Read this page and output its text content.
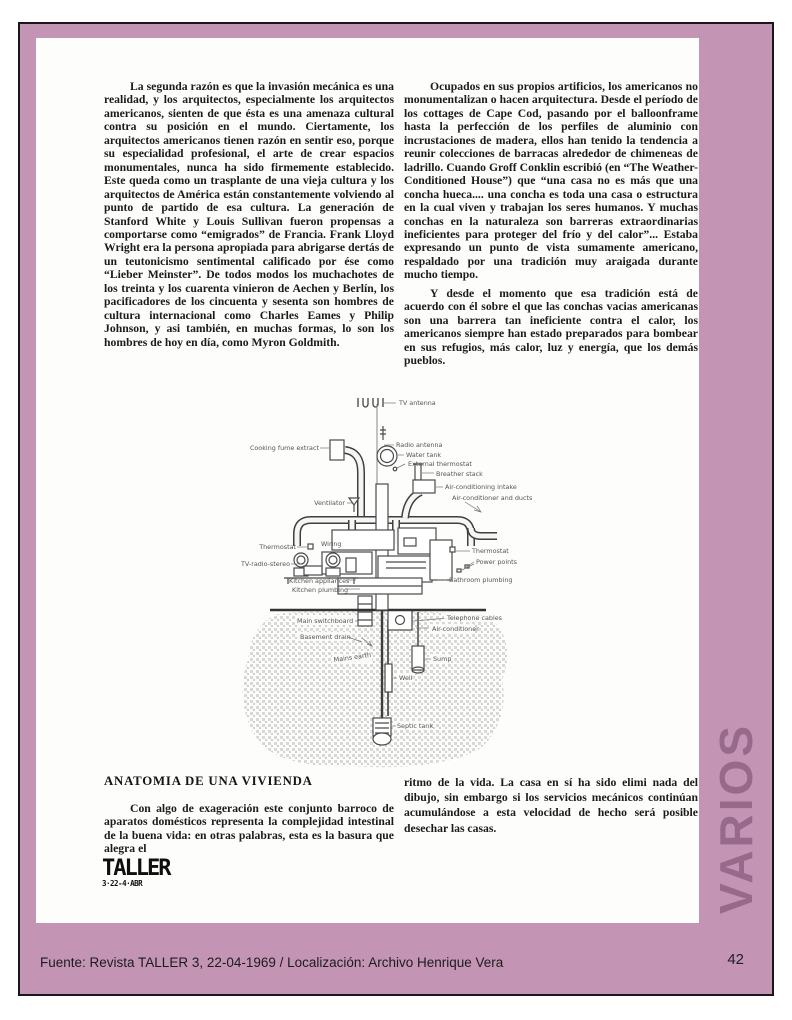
La segunda razón es que la invasión mecánica es una realidad, y los arquitectos, especialmente los arquitectos americanos, sienten de que ésta es una amenaza cultural contra su posición en el mundo. Ciertamente, los arquitectos americanos tienen razón en sentir eso, porque su especialidad profesional, el arte de crear espacios monumentales, nunca ha sido firmemente establecido. Este queda como un trasplante de una vieja cultura y los arquitectos de América están constantemente volviendo al punto de partido de esa cultura. La generación de Stanford White y Louis Sullivan fueron propensas a comportarse como “emigrados” de Francia. Frank Lloyd Wright era la persona apropiada para abrigarse dertás de un teutonicismo sentimental calificado por ése como “Lieber Meinster”. De todos modos los muchachotes de los treinta y los cuarenta vinieron de Aechen y Berlín, los pacificadores de los cincuenta y sesenta son hombres de cultura internacional como Charles Eames y Philip Johnson, y asi también, en muchas formas, lo son los hombres de hoy en día, como Myron Goldmith.

Ocupados en sus propios artificios, los americanos no monumentalizan o hacen arquitectura. Desde el período de los cottages de Cape Cod, pasando por el balloonframe hasta la perfección de los perfiles de aluminio con incrustaciones de madera, ellos han tenido la tendencia a reunir colecciones de barracas alrededor de chimeneas de ladrillo. Cuando Groff Conklin escribió (en “The Weather-Conditioned House”) que “una casa no es más que una concha hueca.... una concha es toda una casa o estructura en la cual viven y trabajan los seres humanos. Y muchas conchas en la naturaleza son barreras extraordinarias ineficientes para proteger del frío y del calor”... Estaba expresando un punto de vista sumamente americano, respaldado por una tradición muy araigada durante mucho tiempo.

Y desde el momento que esa tradición está de acuerdo con él sobre el que las conchas vacias americanas son una barrera tan ineficiente contra el calor, los americanos siempre han estado preparados para bombear en sus refugios, más calor, luz y energía, que los demás pueblos.

TV antenna
Cooking fume extract	Radio antenna
Water tank
External thermostat
Breather stack
Air-conditioning intake
Air-conditioner and ducts
Ventilator
Wiring
Thermostat
TV-radio-stereo
Kitchen appliances
Kitchen plumbing
Thermostat
Power points
Bathroom plumbing
Telephone cables
Air-conditioner
Main switchboard
Basement drain
Mains earth
Well
Sump
Septic tank
ANATOMIA DE UNA VIVIENDA

Con algo de exageración este conjunto barroco de aparatos domésticos representa la complejidad intestinal de la buena vida: en otras palabras, esta es la basura que alegra el

ritmo de la vida. La casa en sí ha sido elimi nada del dibujo, sin embargo si los servicios mecánicos continúan acumulándose a esta velocidad de hecho será posible desechar las casas.

TALLER
3·22-4·ABR	VARIOS
Fuente: Revista TALLER 3, 22-04-1969 / Localización: Archivo Henrique Vera	42
